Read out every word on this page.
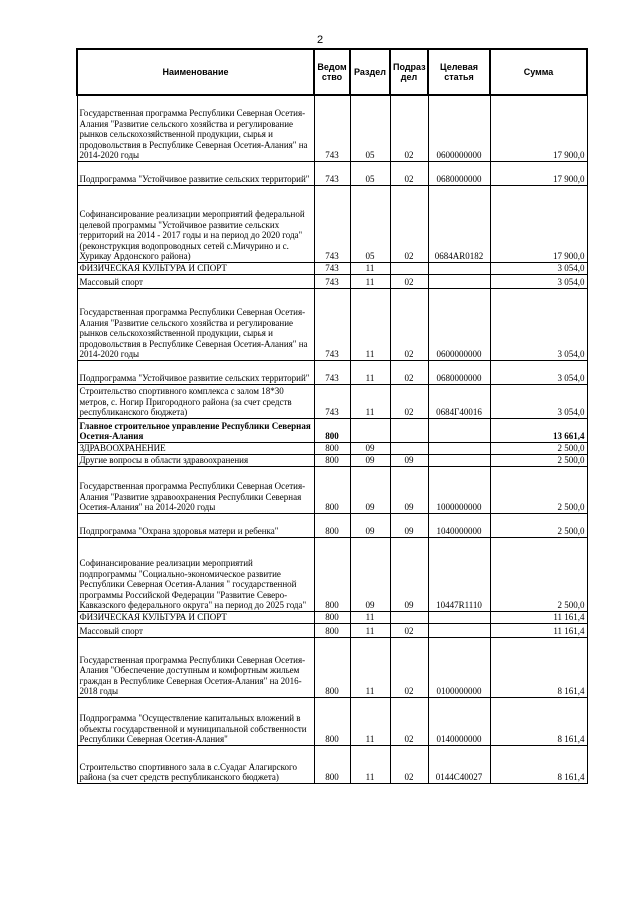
2
Наименование	Ведом ство	Раздел	Подраз дел	Целевая статья	Сумма
Государственная программа Республики Северная Осетия-Алания "Развитие сельского хозяйства и регулирование рынков сельскохозяйственной продукции, сырья и продовольствия в Республике Северная Осетия-Алания" на 2014-2020 годы	743	05	02	0600000000	17 900,0
Подпрограмма "Устойчивое развитие сельских территорий"	743	05	02	0680000000	17 900,0
Софинансирование реализации мероприятий федеральной целевой программы "Устойчивое развитие сельских территорий на 2014 - 2017 годы и на период до 2020 года" (реконструкция водопроводных сетей с.Мичурино и с. Хурикау Ардонского района)	743	05	02	0684AR0182	17 900,0
ФИЗИЧЕСКАЯ КУЛЬТУРА И СПОРТ	743	11			3 054,0
Массовый спорт	743	11	02		3 054,0
Государственная программа Республики Северная Осетия-Алания "Развитие сельского хозяйства и регулирование рынков сельскохозяйственной продукции, сырья и продовольствия в Республике Северная Осетия-Алания" на 2014-2020 годы	743	11	02	0600000000	3 054,0
Подпрограмма "Устойчивое развитие сельских территорий"	743	11	02	0680000000	3 054,0
Строительство спортивного комплекса с залом 18*30 метров, с. Ногир Пригородного района (за счет средств республиканского бюджета)	743	11	02	0684Г40016	3 054,0
Главное строительное управление Республики Северная Осетия-Алания	800				13 661,4
ЗДРАВООХРАНЕНИЕ	800	09			2 500,0
Другие вопросы в области здравоохранения	800	09	09		2 500,0
Государственная программа Республики Северная Осетия-Алания "Развитие здравоохранения Республики Северная Осетия-Алания" на 2014-2020 годы	800	09	09	1000000000	2 500,0
Подпрограмма "Охрана здоровья матери и ребенка"	800	09	09	1040000000	2 500,0
Софинансирование реализации мероприятий подпрограммы "Социально-экономическое развитие Республики Северная Осетия-Алания " государственной программы Российской Федерации "Развитие Северо-Кавказского федерального округа" на период до 2025 года"	800	09	09	10447R1110	2 500,0
ФИЗИЧЕСКАЯ КУЛЬТУРА И СПОРТ	800	11			11 161,4
Массовый спорт	800	11	02		11 161,4
Государственная программа Республики Северная Осетия-Алания "Обеспечение доступным и комфортным жильем граждан в Республике Северная Осетия-Алания" на 2016-2018 годы	800	11	02	0100000000	8 161,4
Подпрограмма "Осуществление капитальных вложений в объекты государственной и муниципальной собственности Республики Северная Осетия-Алания"	800	11	02	0140000000	8 161,4
Строительство спортивного зала в с.Суадаг Алагирского района (за счет средств республиканского бюджета)	800	11	02	0144С40027	8 161,4
